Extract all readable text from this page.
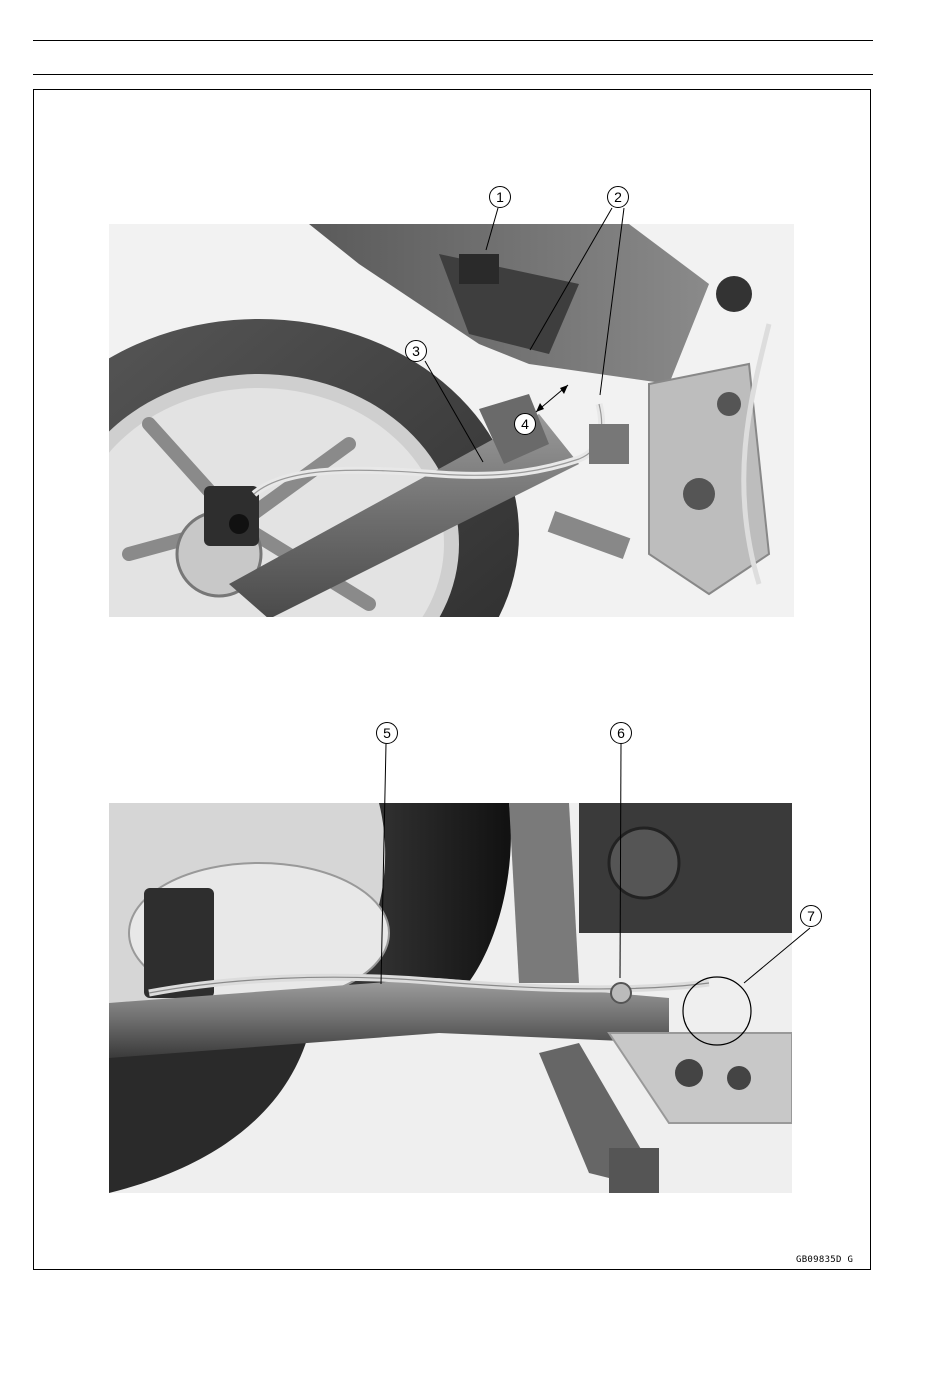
1	2
3
4
5	6
7
GB09835D G
